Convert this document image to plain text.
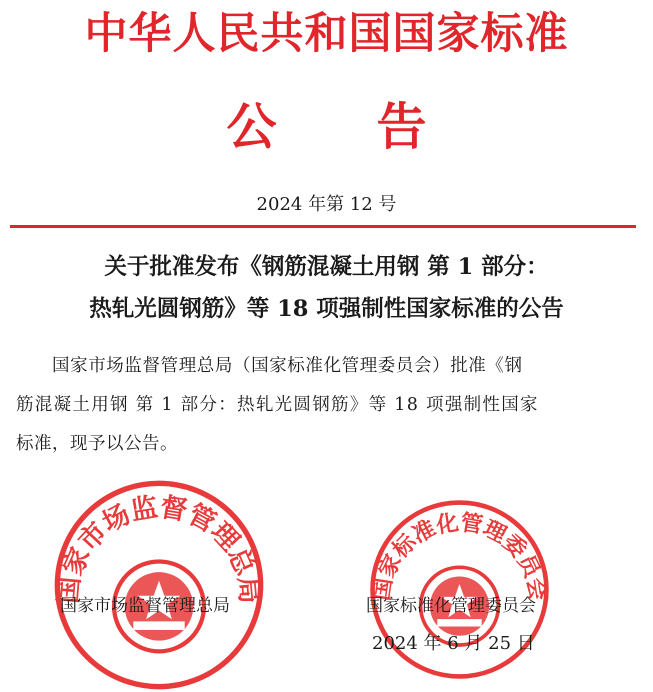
中华人民共和国国家标准
公告
2024 年第 12 号
关于批准发布《钢筋混凝土用钢 第 1 部分：
热轧光圆钢筋》等 18 项强制性国家标准的公告
国家市场监督管理总局（国家标准化管理委员会）批准《钢
筋混凝土用钢 第 1 部分：热轧光圆钢筋》等 18 项强制性国家
标准，现予以公告。
国家市场监督管理总局	国家标准化管理委员会
国家市场监督管理总局	国家标准化管理委员会
2024 年 6 月 25 日
